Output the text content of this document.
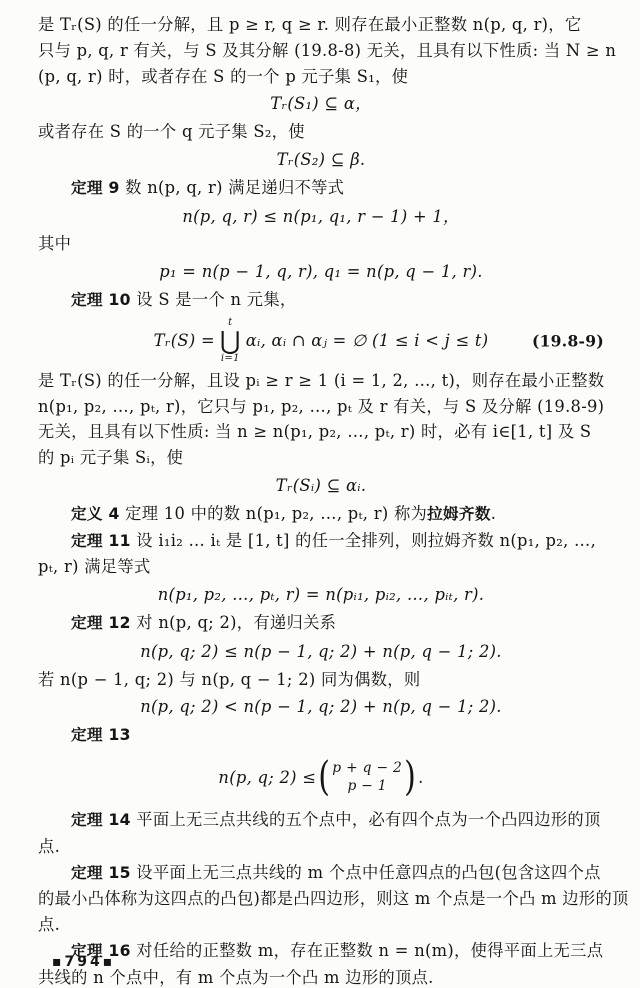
是 Tᵣ(S) 的任一分解，且 p ≥ r, q ≥ r. 则存在最小正整数 n(p, q, r)，它
只与 p, q, r 有关，与 S 及其分解 (19.8-8) 无关，且具有以下性质: 当 N ≥ n
(p, q, r) 时，或者存在 S 的一个 p 元子集 S₁，使
Tᵣ(S₁) ⊆ α，
或者存在 S 的一个 q 元子集 S₂，使
Tᵣ(S₂) ⊆ β.
定理 9 数 n(p, q, r) 满足递归不等式
n(p, q, r) ≤ n(p₁, q₁, r − 1) + 1，
其中
p₁ = n(p − 1, q, r), q₁ = n(p, q − 1, r).
定理 10 设 S 是一个 n 元集，
Tᵣ(S) =
t
⋃
i=1
αᵢ, αᵢ ∩ αⱼ = ∅ (1 ≤ i < j ≤ t)	(19.8-9)
是 Tᵣ(S) 的任一分解，且设 pᵢ ≥ r ≥ 1 (i = 1, 2, …, t)，则存在最小正整数
n(p₁, p₂, …, pₜ, r)，它只与 p₁, p₂, …, pₜ 及 r 有关，与 S 及分解 (19.8-9)
无关，且具有以下性质: 当 n ≥ n(p₁, p₂, …, pₜ, r) 时，必有 i∈[1, t] 及 S
的 pᵢ 元子集 Sᵢ，使
Tᵣ(Sᵢ) ⊆ αᵢ.
定义 4 定理 10 中的数 n(p₁, p₂, …, pₜ, r) 称为拉姆齐数.
定理 11 设 i₁i₂ … iₜ 是 [1, t] 的任一全排列，则拉姆齐数 n(p₁, p₂, …,
pₜ, r) 满足等式
n(p₁, p₂, …, pₜ, r) = n(pᵢ₁, pᵢ₂, …, pᵢₜ, r).
定理 12 对 n(p, q; 2)，有递归关系
n(p, q; 2) ≤ n(p − 1, q; 2) + n(p, q − 1; 2).
若 n(p − 1, q; 2) 与 n(p, q − 1; 2) 同为偶数，则
n(p, q; 2) < n(p − 1, q; 2) + n(p, q − 1; 2).
定理 13
n(p, q; 2) ≤ ( p + q − 2
p − 1 ) .
定理 14 平面上无三点共线的五个点中，必有四个点为一个凸四边形的顶
点.
定理 15 设平面上无三点共线的 m 个点中任意四点的凸包(包含这四个点
的最小凸体称为这四点的凸包)都是凸四边形，则这 m 个点是一个凸 m 边形的顶
点.
定理 16 对任给的正整数 m，存在正整数 n = n(m)，使得平面上无三点
共线的 n 个点中，有 m 个点为一个凸 m 边形的顶点.
▪794▪
